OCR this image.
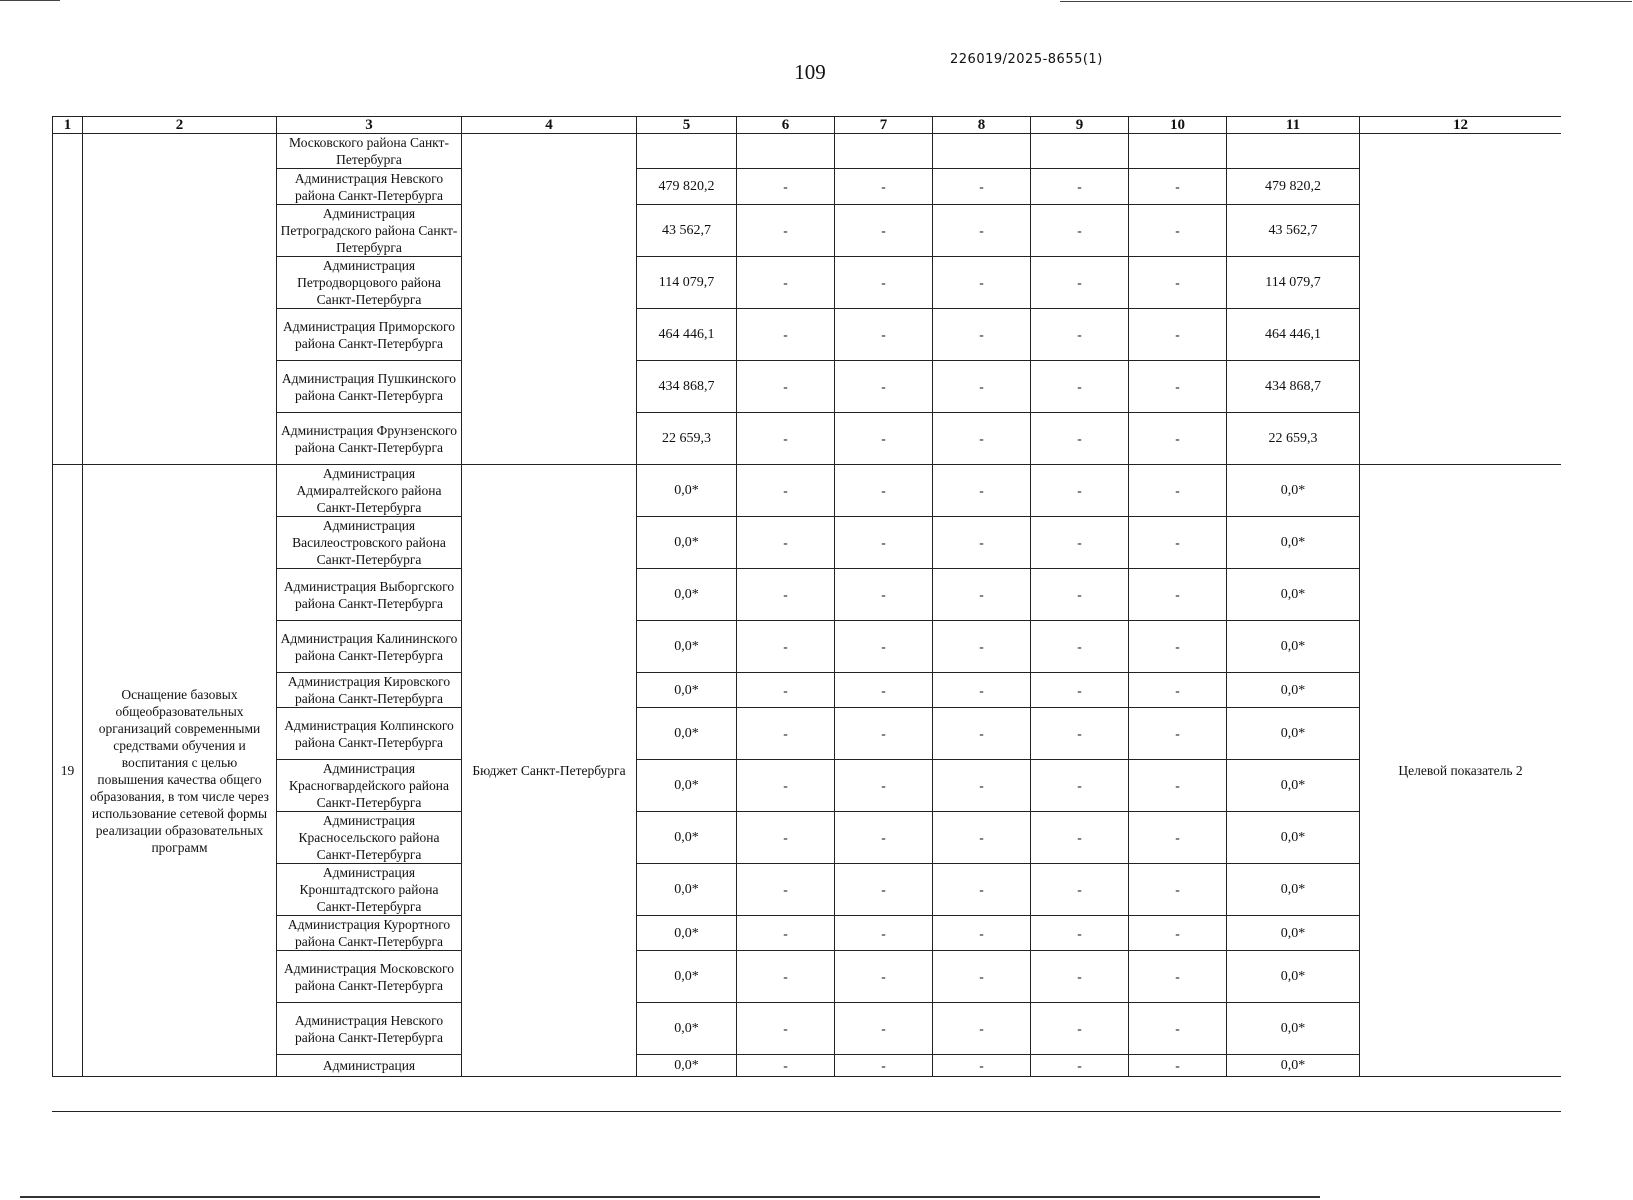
109
226019/2025-8655(1)
1	2	3	4	5	6	7	8	9	10	11	12
		Московского района Санкт-Петербурга									
		Администрация Невского района Санкт-Петербурга		479 820,2	-	-	-	-	-	479 820,2	
		Администрация Петроградского района Санкт-Петербурга		43 562,7	-	-	-	-	-	43 562,7	
		Администрация Петродворцового района Санкт-Петербурга		114 079,7	-	-	-	-	-	114 079,7	
		Администрация Приморского района Санкт-Петербурга		464 446,1	-	-	-	-	-	464 446,1	
		Администрация Пушкинского района Санкт-Петербурга		434 868,7	-	-	-	-	-	434 868,7	
		Администрация Фрунзенского района Санкт-Петербурга		22 659,3	-	-	-	-	-	22 659,3	
19	Оснащение базовых общеобразовательных организаций современными средствами обучения и воспитания с целью повышения качества общего образования, в том числе через использование сетевой формы реализации образовательных программ	Администрация Адмиралтейского района Санкт-Петербурга	Бюджет Санкт-Петербурга	0,0*	-	-	-	-	-	0,0*	Целевой показатель 2
		Администрация Василеостровского района Санкт-Петербурга		0,0*	-	-	-	-	-	0,0*	
		Администрация Выборгского района Санкт-Петербурга		0,0*	-	-	-	-	-	0,0*	
		Администрация Калининского района Санкт-Петербурга		0,0*	-	-	-	-	-	0,0*	
		Администрация Кировского района Санкт-Петербурга		0,0*	-	-	-	-	-	0,0*	
		Администрация Колпинского района Санкт-Петербурга		0,0*	-	-	-	-	-	0,0*	
		Администрация Красногвардейского района Санкт-Петербурга		0,0*	-	-	-	-	-	0,0*	
		Администрация Красносельского района Санкт-Петербурга		0,0*	-	-	-	-	-	0,0*	
		Администрация Кронштадтского района Санкт-Петербурга		0,0*	-	-	-	-	-	0,0*	
		Администрация Курортного района Санкт-Петербурга		0,0*	-	-	-	-	-	0,0*	
		Администрация Московского района Санкт-Петербурга		0,0*	-	-	-	-	-	0,0*	
		Администрация Невского района Санкт-Петербурга		0,0*	-	-	-	-	-	0,0*	
		Администрация		0,0*	-	-	-	-	-	0,0*	
